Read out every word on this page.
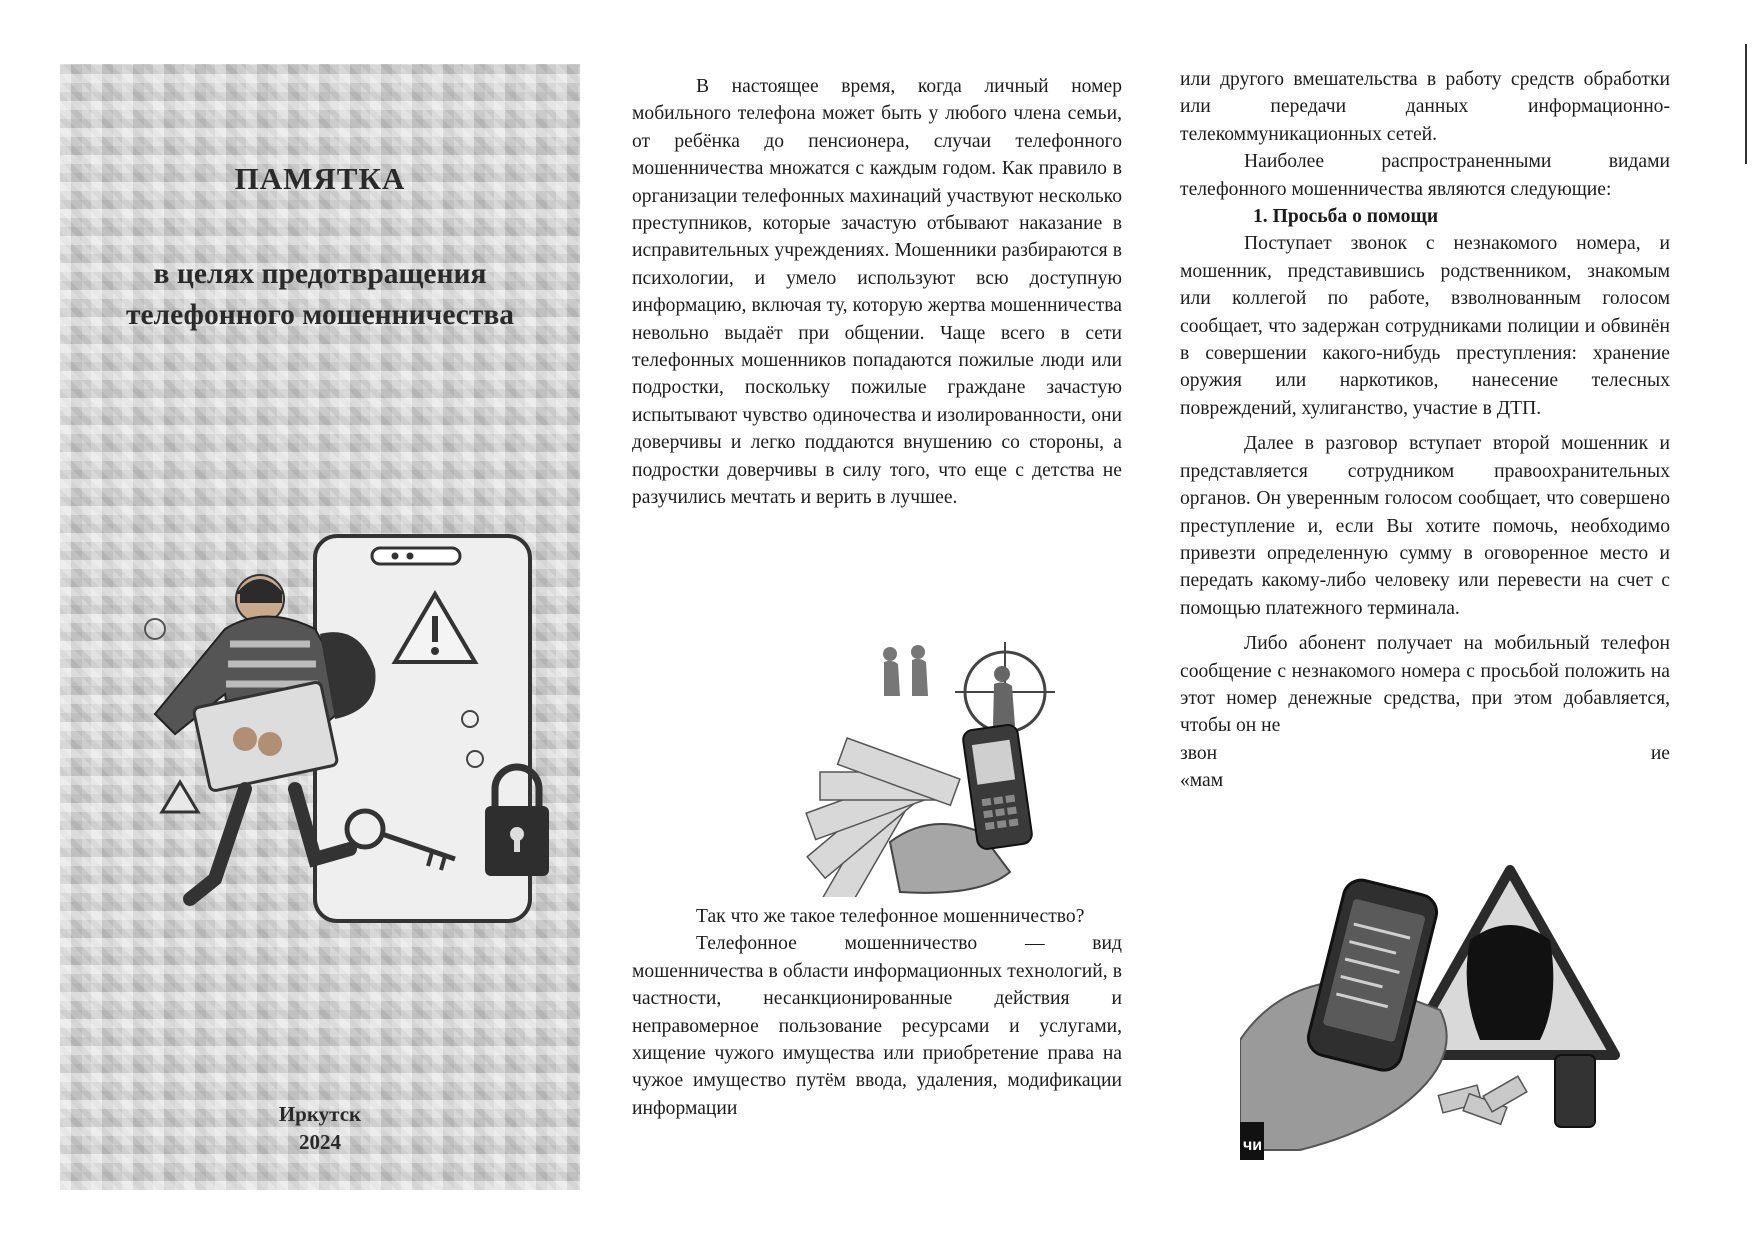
ПАМЯТКА
в целях предотвращения
телефонного мошенничества
Иркутск
2024

В настоящее время, когда личный номер мобильного телефона может быть у любого члена семьи, от ребёнка до пенсионера, случаи телефонного мошенничества множатся с каждым годом. Как правило в организации телефонных махинаций участвуют несколько преступников, которые зачастую отбывают наказание в исправительных учреждениях. Мошенники разбираются в психологии, и умело используют всю доступную информацию, включая ту, которую жертва мошенничества невольно выдаёт при общении. Чаще всего в сети телефонных мошенников попадаются пожилые люди или подростки, поскольку пожилые граждане зачастую испытывают чувство одиночества и изолированности, они доверчивы и легко поддаются внушению со стороны, а подростки доверчивы в силу того, что еще с детства не разучились мечтать и верить в лучшее.

Так что же такое телефонное мошенничество?

Телефонное мошенничество — вид мошенничества в области информационных технологий, в частности, несанкционированные действия и неправомерное пользование ресурсами и услугами, хищение чужого имущества или приобретение права на чужое имущество путём ввода, удаления, модификации информации

или другого вмешательства в работу средств обработки или передачи данных информационно-телекоммуникационных сетей.

Наиболее распространенными видами телефонного мошенничества являются следующие:

1. Просьба о помощи

Поступает звонок с незнакомого номера, и мошенник, представившись родственником, знакомым или коллегой по работе, взволнованным голосом сообщает, что задержан сотрудниками полиции и обвинён в совершении какого-нибудь преступления: хранение оружия или наркотиков, нанесение телесных повреждений, хулиганство, участие в ДТП.

Далее в разговор вступает второй мошенник и представляется сотрудником правоохранительных органов. Он уверенным голосом сообщает, что совершено преступление и, если Вы хотите помочь, необходимо привезти определенную сумму в оговоренное место и передать какому-либо человеку или перевести на счет с помощью платежного терминала.

Либо абонент получает на мобильный телефон сообщение с незнакомого номера с просьбой положить на этот номер денежные средства, при этом добавляется, чтобы он не

звон	ие
«мам
чи
